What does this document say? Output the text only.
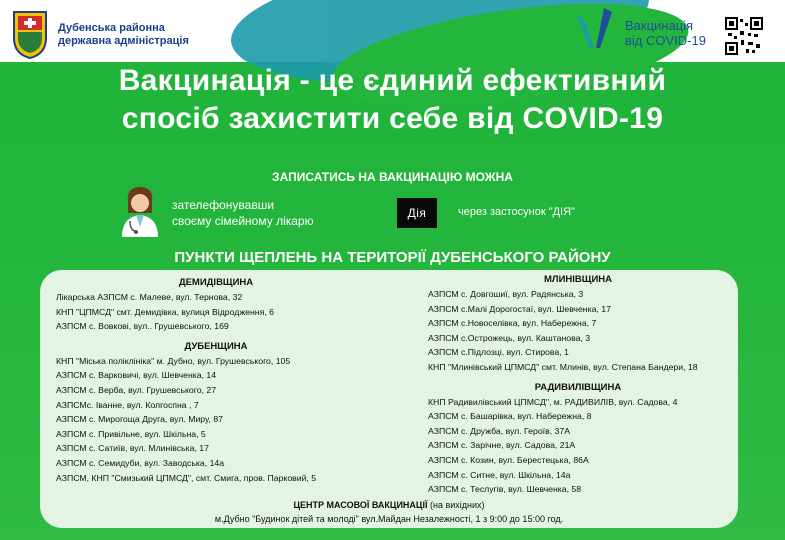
Дубенська районна
державна адміністрація
Вакцинація
від COVID-19
Вакцинація - це єдиний ефективний
спосіб захистити себе від COVID-19
ЗАПИСАТИСЬ НА ВАКЦИНАЦІЮ МОЖНА
зателефонувавши
своєму сімейному лікарю
Дія	через застосунок "ДІЯ"
ПУНКТИ ЩЕПЛЕНЬ НА ТЕРИТОРІЇ ДУБЕНСЬКОГО РАЙОНУ
ДЕМИДІВЩИНА
Лікарська АЗПСМ с. Малеве, вул. Тернова, 32
КНП "ЦПМСД" смт. Демидівка, вулиця Відродження, 6
АЗПСМ с. Вовкові, вул.. Грушевського, 169
ДУБЕНЩИНА
КНП "Міська поліклініка" м. Дубно, вул. Грушевського, 105
АЗПСМ с. Варковичі, вул. Шевченка, 14
АЗПСМ с. Верба, вул. Грушевського, 27
АЗПСМс. Іванне, вул. Колгоспна , 7
АЗПСМ с. Мирогоща Друга, вул. Миру, 87
АЗПСМ с. Привільне, вул. Шкільна, 5
АЗПСМ с. Сатиїв, вул. Млинівська, 17
АЗПСМ с. Семидуби, вул. Заводська, 14а
АЗПСМ, КНП "Смизький ЦПМСД", смт. Смига, пров. Парковий, 5
МЛИНІВЩИНА
АЗПСМ с. Довгошиї, вул. Радянська, 3
АЗПСМ с.Малі Дорогостаї, вул. Шевченка, 17
АЗПСМ с.Новоселівка, вул. Набережна, 7
АЗПСМ с.Острожець, вул. Каштанова, 3
АЗПСМ с.Підлозці, вул. Стирова, 1
КНП "Млинівський ЦПМСД" смт. Млинів, вул. Степана Бандери, 18
РАДИВИЛІВЩИНА
КНП Радивилівський ЦПМСД", м. РАДИВИЛІВ, вул. Садова, 4
АЗПСМ с. Башарівка, вул. Набережна, 8
АЗПСМ с. Дружба, вул. Героїв, 37А
АЗПСМ с. Зарічне, вул. Садова, 21А
АЗПСМ с. Козин, вул. Берестецька, 86А
АЗПСМ с. Ситне, вул. Шкільна, 14а
АЗПСМ с. Теслугів, вул. Шевченка, 58
ЦЕНТР МАСОВОЇ ВАКЦИНАЦІЇ (на вихідних)
м.Дубно "Будинок дітей та молоді" вул.Майдан Незалежності, 1 з 9:00 до 15:00 год.
